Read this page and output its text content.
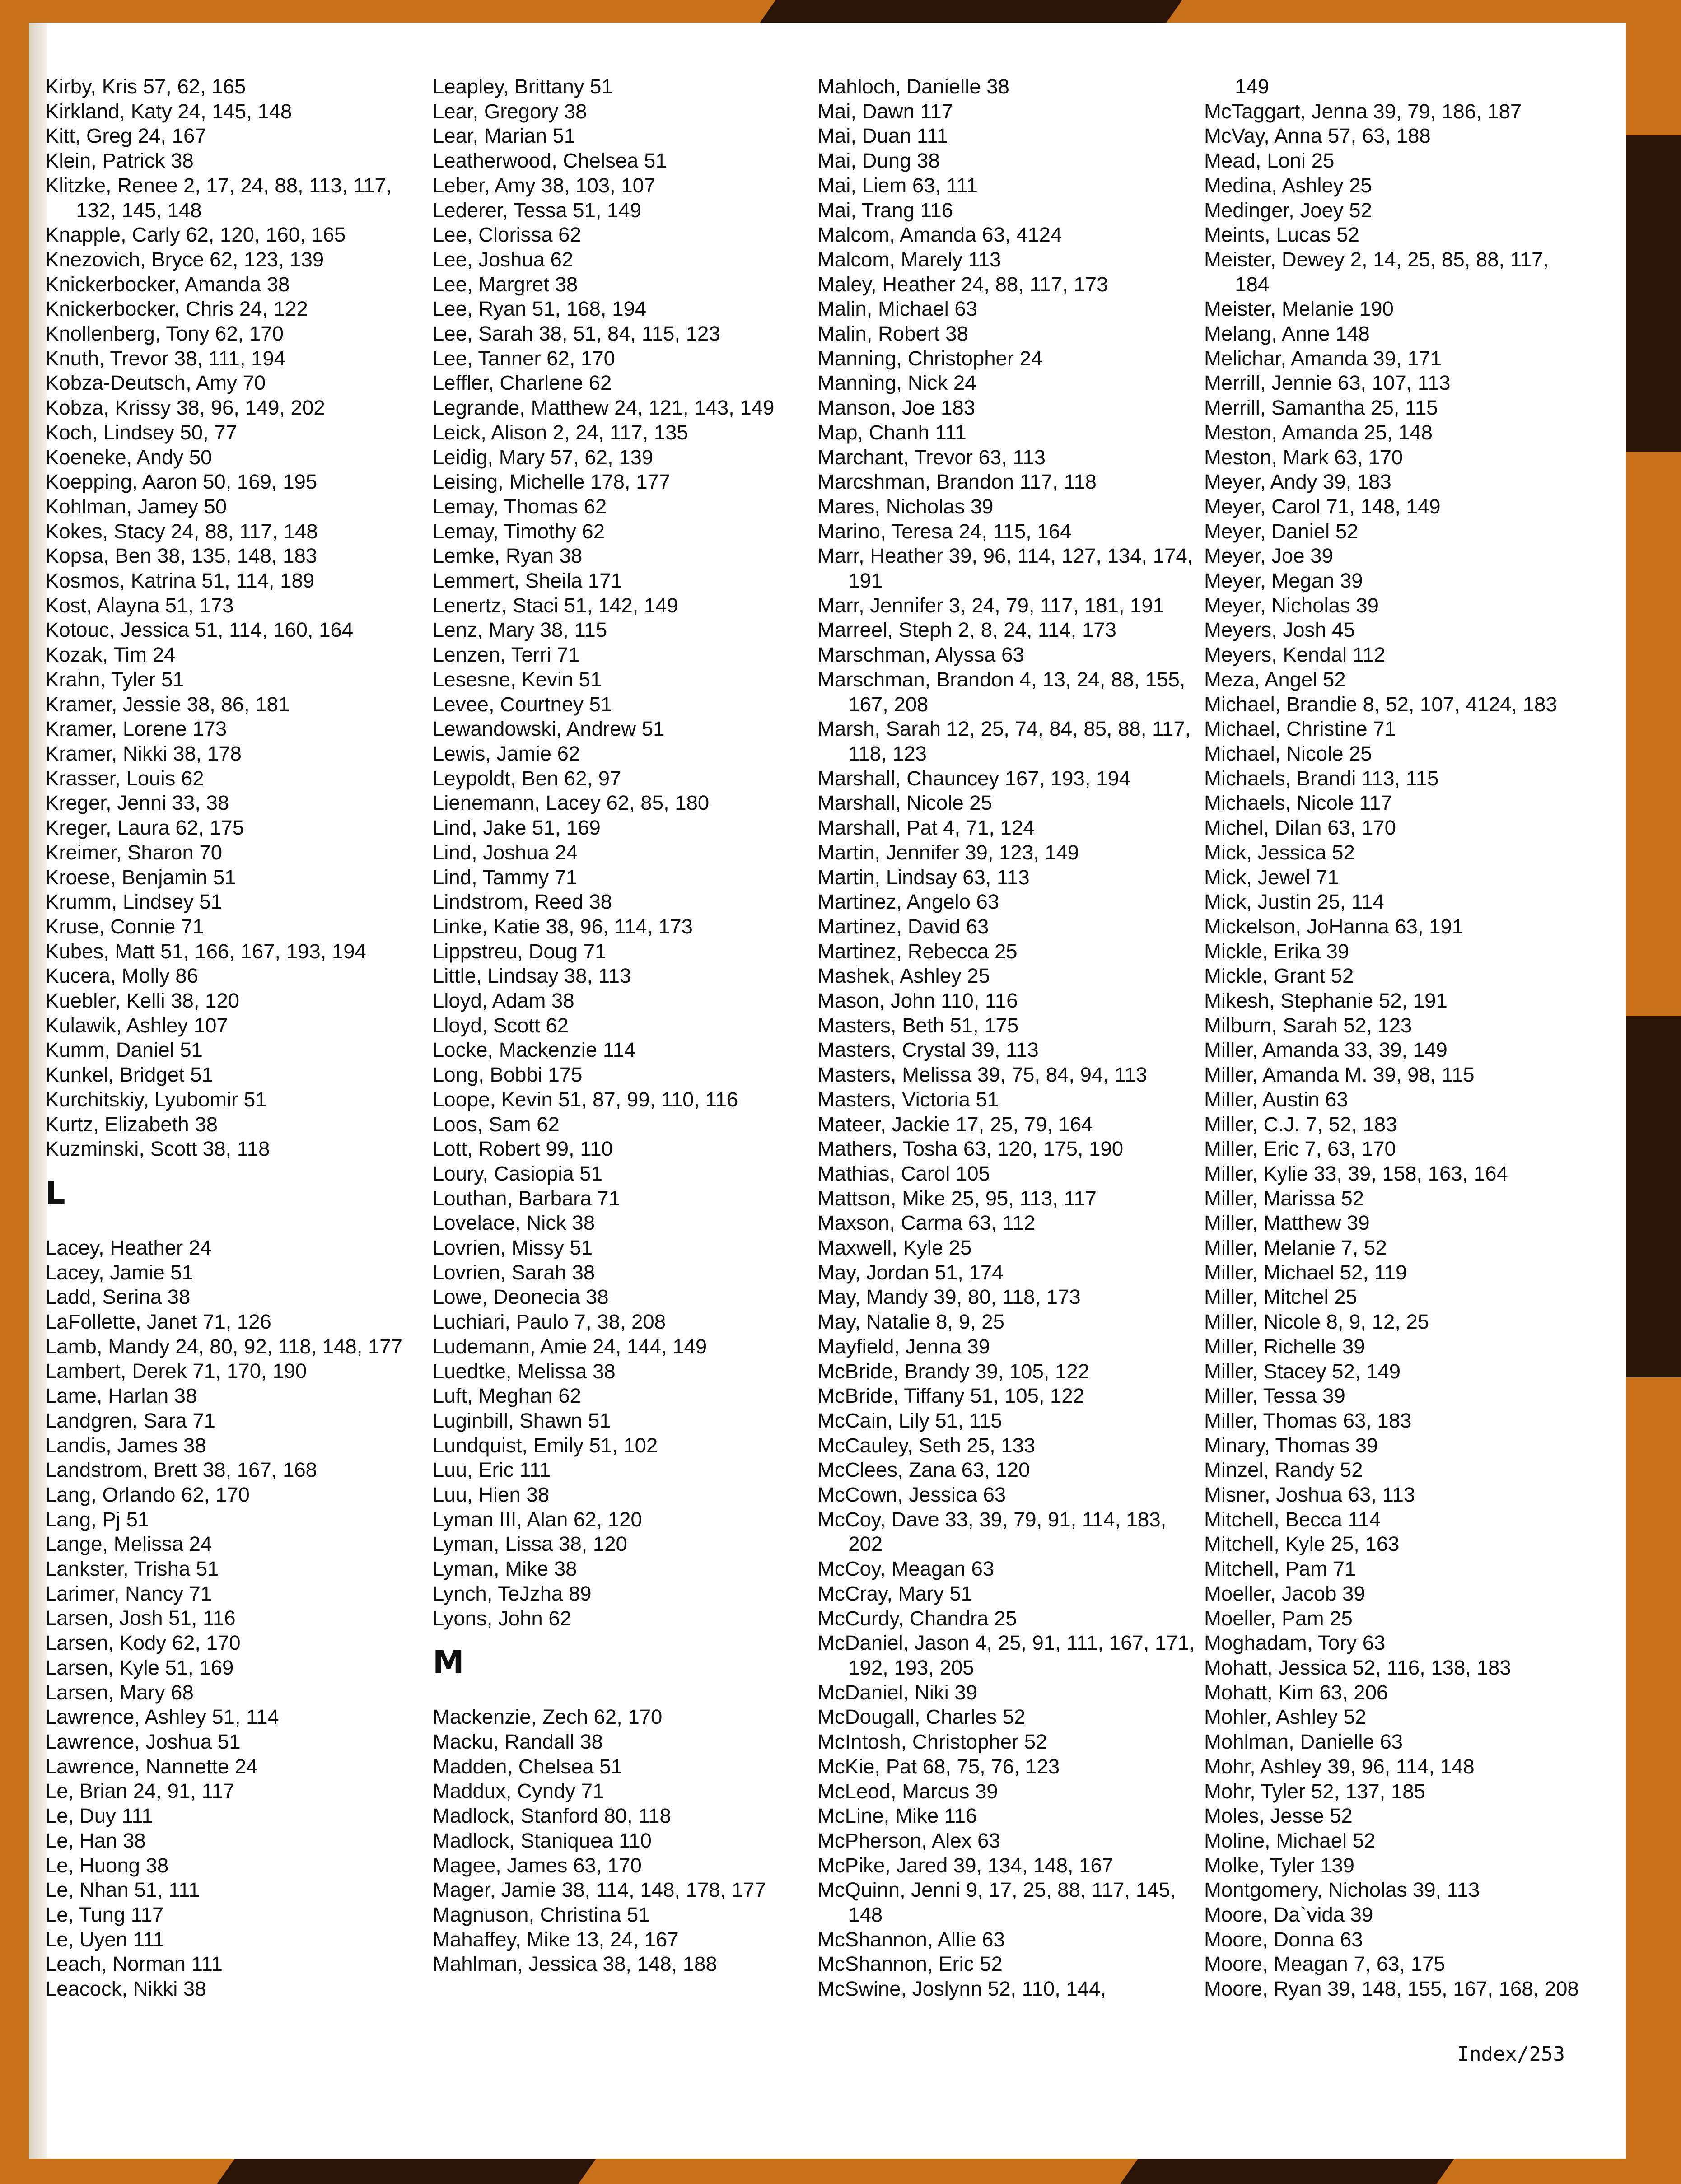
Kirby, Kris 57, 62, 165
Kirkland, Katy 24, 145, 148
Kitt, Greg 24, 167
Klein, Patrick 38
Klitzke, Renee 2, 17, 24, 88, 113, 117, 132, 145, 148
Knapple, Carly 62, 120, 160, 165
Knezovich, Bryce 62, 123, 139
Knickerbocker, Amanda 38
Knickerbocker, Chris 24, 122
Knollenberg, Tony 62, 170
Knuth, Trevor 38, 111, 194
Kobza-Deutsch, Amy 70
Kobza, Krissy 38, 96, 149, 202
Koch, Lindsey 50, 77
Koeneke, Andy 50
Koepping, Aaron 50, 169, 195
Kohlman, Jamey 50
Kokes, Stacy 24, 88, 117, 148
Kopsa, Ben 38, 135, 148, 183
Kosmos, Katrina 51, 114, 189
Kost, Alayna 51, 173
Kotouc, Jessica 51, 114, 160, 164
Kozak, Tim 24
Krahn, Tyler 51
Kramer, Jessie 38, 86, 181
Kramer, Lorene 173
Kramer, Nikki 38, 178
Krasser, Louis 62
Kreger, Jenni 33, 38
Kreger, Laura 62, 175
Kreimer, Sharon 70
Kroese, Benjamin 51
Krumm, Lindsey 51
Kruse, Connie 71
Kubes, Matt 51, 166, 167, 193, 194
Kucera, Molly 86
Kuebler, Kelli 38, 120
Kulawik, Ashley 107
Kumm, Daniel 51
Kunkel, Bridget 51
Kurchitskiy, Lyubomir 51
Kurtz, Elizabeth 38
Kuzminski, Scott 38, 118
L
Lacey, Heather 24
Lacey, Jamie 51
Ladd, Serina 38
LaFollette, Janet 71, 126
Lamb, Mandy 24, 80, 92, 118, 148, 177
Lambert, Derek 71, 170, 190
Lame, Harlan 38
Landgren, Sara 71
Landis, James 38
Landstrom, Brett 38, 167, 168
Lang, Orlando 62, 170
Lang, Pj 51
Lange, Melissa 24
Lankster, Trisha 51
Larimer, Nancy 71
Larsen, Josh 51, 116
Larsen, Kody 62, 170
Larsen, Kyle 51, 169
Larsen, Mary 68
Lawrence, Ashley 51, 114
Lawrence, Joshua 51
Lawrence, Nannette 24
Le, Brian 24, 91, 117
Le, Duy 111
Le, Han 38
Le, Huong 38
Le, Nhan 51, 111
Le, Tung 117
Le, Uyen 111
Leach, Norman 111
Leacock, Nikki 38
Leapley, Brittany 51
Lear, Gregory 38
Lear, Marian 51
Leatherwood, Chelsea 51
Leber, Amy 38, 103, 107
Lederer, Tessa 51, 149
Lee, Clorissa 62
Lee, Joshua 62
Lee, Margret 38
Lee, Ryan 51, 168, 194
Lee, Sarah 38, 51, 84, 115, 123
Lee, Tanner 62, 170
Leffler, Charlene 62
Legrande, Matthew 24, 121, 143, 149
Leick, Alison 2, 24, 117, 135
Leidig, Mary 57, 62, 139
Leising, Michelle 178, 177
Lemay, Thomas 62
Lemay, Timothy 62
Lemke, Ryan 38
Lemmert, Sheila 171
Lenertz, Staci 51, 142, 149
Lenz, Mary 38, 115
Lenzen, Terri 71
Lesesne, Kevin 51
Levee, Courtney 51
Lewandowski, Andrew 51
Lewis, Jamie 62
Leypoldt, Ben 62, 97
Lienemann, Lacey 62, 85, 180
Lind, Jake 51, 169
Lind, Joshua 24
Lind, Tammy 71
Lindstrom, Reed 38
Linke, Katie 38, 96, 114, 173
Lippstreu, Doug 71
Little, Lindsay 38, 113
Lloyd, Adam 38
Lloyd, Scott 62
Locke, Mackenzie 114
Long, Bobbi 175
Loope, Kevin 51, 87, 99, 110, 116
Loos, Sam 62
Lott, Robert 99, 110
Loury, Casiopia 51
Louthan, Barbara 71
Lovelace, Nick 38
Lovrien, Missy 51
Lovrien, Sarah 38
Lowe, Deonecia 38
Luchiari, Paulo 7, 38, 208
Ludemann, Amie 24, 144, 149
Luedtke, Melissa 38
Luft, Meghan 62
Luginbill, Shawn 51
Lundquist, Emily 51, 102
Luu, Eric 111
Luu, Hien 38
Lyman III, Alan 62, 120
Lyman, Lissa 38, 120
Lyman, Mike 38
Lynch, TeJzha 89
Lyons, John 62
M
Mackenzie, Zech 62, 170
Macku, Randall 38
Madden, Chelsea 51
Maddux, Cyndy 71
Madlock, Stanford 80, 118
Madlock, Staniquea 110
Magee, James 63, 170
Mager, Jamie 38, 114, 148, 178, 177
Magnuson, Christina 51
Mahaffey, Mike 13, 24, 167
Mahlman, Jessica 38, 148, 188
Mahloch, Danielle 38
Mai, Dawn 117
Mai, Duan 111
Mai, Dung 38
Mai, Liem 63, 111
Mai, Trang 116
Malcom, Amanda 63, 4124
Malcom, Marely 113
Maley, Heather 24, 88, 117, 173
Malin, Michael 63
Malin, Robert 38
Manning, Christopher 24
Manning, Nick 24
Manson, Joe 183
Map, Chanh 111
Marchant, Trevor 63, 113
Marcshman, Brandon 117, 118
Mares, Nicholas 39
Marino, Teresa 24, 115, 164
Marr, Heather 39, 96, 114, 127, 134, 174, 191
Marr, Jennifer 3, 24, 79, 117, 181, 191
Marreel, Steph 2, 8, 24, 114, 173
Marschman, Alyssa 63
Marschman, Brandon 4, 13, 24, 88, 155, 167, 208
Marsh, Sarah 12, 25, 74, 84, 85, 88, 117, 118, 123
Marshall, Chauncey 167, 193, 194
Marshall, Nicole 25
Marshall, Pat 4, 71, 124
Martin, Jennifer 39, 123, 149
Martin, Lindsay 63, 113
Martinez, Angelo 63
Martinez, David 63
Martinez, Rebecca 25
Mashek, Ashley 25
Mason, John 110, 116
Masters, Beth 51, 175
Masters, Crystal 39, 113
Masters, Melissa 39, 75, 84, 94, 113
Masters, Victoria 51
Mateer, Jackie 17, 25, 79, 164
Mathers, Tosha 63, 120, 175, 190
Mathias, Carol 105
Mattson, Mike 25, 95, 113, 117
Maxson, Carma 63, 112
Maxwell, Kyle 25
May, Jordan 51, 174
May, Mandy 39, 80, 118, 173
May, Natalie 8, 9, 25
Mayfield, Jenna 39
McBride, Brandy 39, 105, 122
McBride, Tiffany 51, 105, 122
McCain, Lily 51, 115
McCauley, Seth 25, 133
McClees, Zana 63, 120
McCown, Jessica 63
McCoy, Dave 33, 39, 79, 91, 114, 183, 202
McCoy, Meagan 63
McCray, Mary 51
McCurdy, Chandra 25
McDaniel, Jason 4, 25, 91, 111, 167, 171, 192, 193, 205
McDaniel, Niki 39
McDougall, Charles 52
McIntosh, Christopher 52
McKie, Pat 68, 75, 76, 123
McLeod, Marcus 39
McLine, Mike 116
McPherson, Alex 63
McPike, Jared 39, 134, 148, 167
McQuinn, Jenni 9, 17, 25, 88, 117, 145, 148
McShannon, Allie 63
McShannon, Eric 52
McSwine, Joslynn 52, 110, 144,
149
McTaggart, Jenna 39, 79, 186, 187
McVay, Anna 57, 63, 188
Mead, Loni 25
Medina, Ashley 25
Medinger, Joey 52
Meints, Lucas 52
Meister, Dewey 2, 14, 25, 85, 88, 117, 184
Meister, Melanie 190
Melang, Anne 148
Melichar, Amanda 39, 171
Merrill, Jennie 63, 107, 113
Merrill, Samantha 25, 115
Meston, Amanda 25, 148
Meston, Mark 63, 170
Meyer, Andy 39, 183
Meyer, Carol 71, 148, 149
Meyer, Daniel 52
Meyer, Joe 39
Meyer, Megan 39
Meyer, Nicholas 39
Meyers, Josh 45
Meyers, Kendal 112
Meza, Angel 52
Michael, Brandie 8, 52, 107, 4124, 183
Michael, Christine 71
Michael, Nicole 25
Michaels, Brandi 113, 115
Michaels, Nicole 117
Michel, Dilan 63, 170
Mick, Jessica 52
Mick, Jewel 71
Mick, Justin 25, 114
Mickelson, JoHanna 63, 191
Mickle, Erika 39
Mickle, Grant 52
Mikesh, Stephanie 52, 191
Milburn, Sarah 52, 123
Miller, Amanda 33, 39, 149
Miller, Amanda M. 39, 98, 115
Miller, Austin 63
Miller, C.J. 7, 52, 183
Miller, Eric 7, 63, 170
Miller, Kylie 33, 39, 158, 163, 164
Miller, Marissa 52
Miller, Matthew 39
Miller, Melanie 7, 52
Miller, Michael 52, 119
Miller, Mitchel 25
Miller, Nicole 8, 9, 12, 25
Miller, Richelle 39
Miller, Stacey 52, 149
Miller, Tessa 39
Miller, Thomas 63, 183
Minary, Thomas 39
Minzel, Randy 52
Misner, Joshua 63, 113
Mitchell, Becca 114
Mitchell, Kyle 25, 163
Mitchell, Pam 71
Moeller, Jacob 39
Moeller, Pam 25
Moghadam, Tory 63
Mohatt, Jessica 52, 116, 138, 183
Mohatt, Kim 63, 206
Mohler, Ashley 52
Mohlman, Danielle 63
Mohr, Ashley 39, 96, 114, 148
Mohr, Tyler 52, 137, 185
Moles, Jesse 52
Moline, Michael 52
Molke, Tyler 139
Montgomery, Nicholas 39, 113
Moore, Da`vida 39
Moore, Donna 63
Moore, Meagan 7, 63, 175
Moore, Ryan 39, 148, 155, 167, 168, 208
Index/253
